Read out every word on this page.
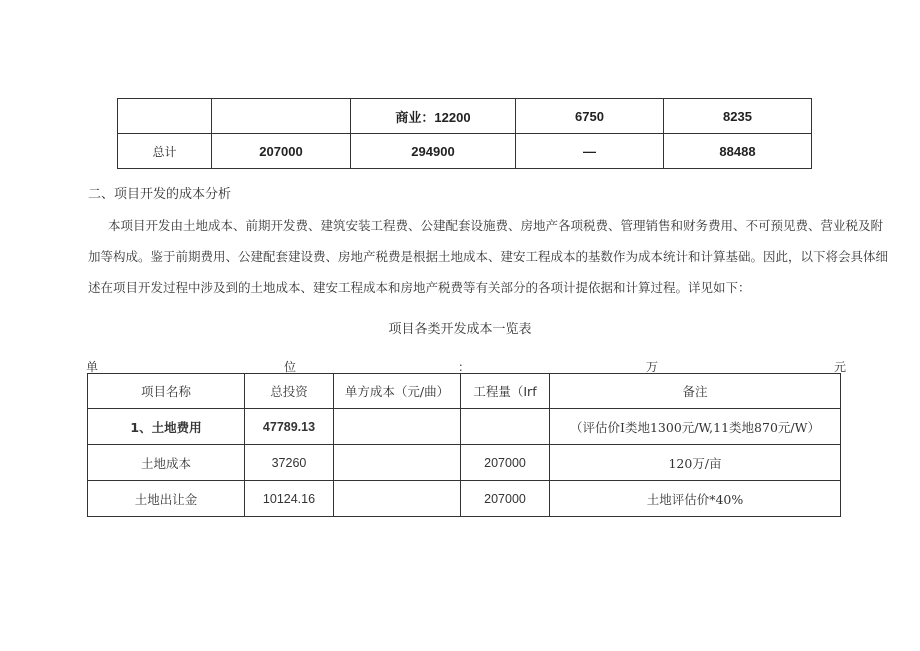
		商业：12200	6750	8235
总计	207000	294900	—	88488
二、项目开发的成本分析
本项目开发由土地成本、前期开发费、建筑安装工程费、公建配套设施费、房地产各项税费、管理销售和财务费用、不可预见费、营业税及附
加等构成。鉴于前期费用、公建配套建设费、房地产税费是根据土地成本、建安工程成本的基数作为成本统计和计算基础。因此，以下将会具体细
述在项目开发过程中涉及到的土地成本、建安工程成本和房地产税费等有关部分的各项计提依据和计算过程。详见如下：
项目各类开发成本一览表
单	位	：	万	元
项目名称	总投资	单方成本（元/曲）	工程量（Irf	备注
1、土地费用	47789.13			（评估价I类地1300元/W,11类地870元/W）
土地成本	37260		207000	120万/亩
土地出让金	10124.16		207000	土地评估价*40%
